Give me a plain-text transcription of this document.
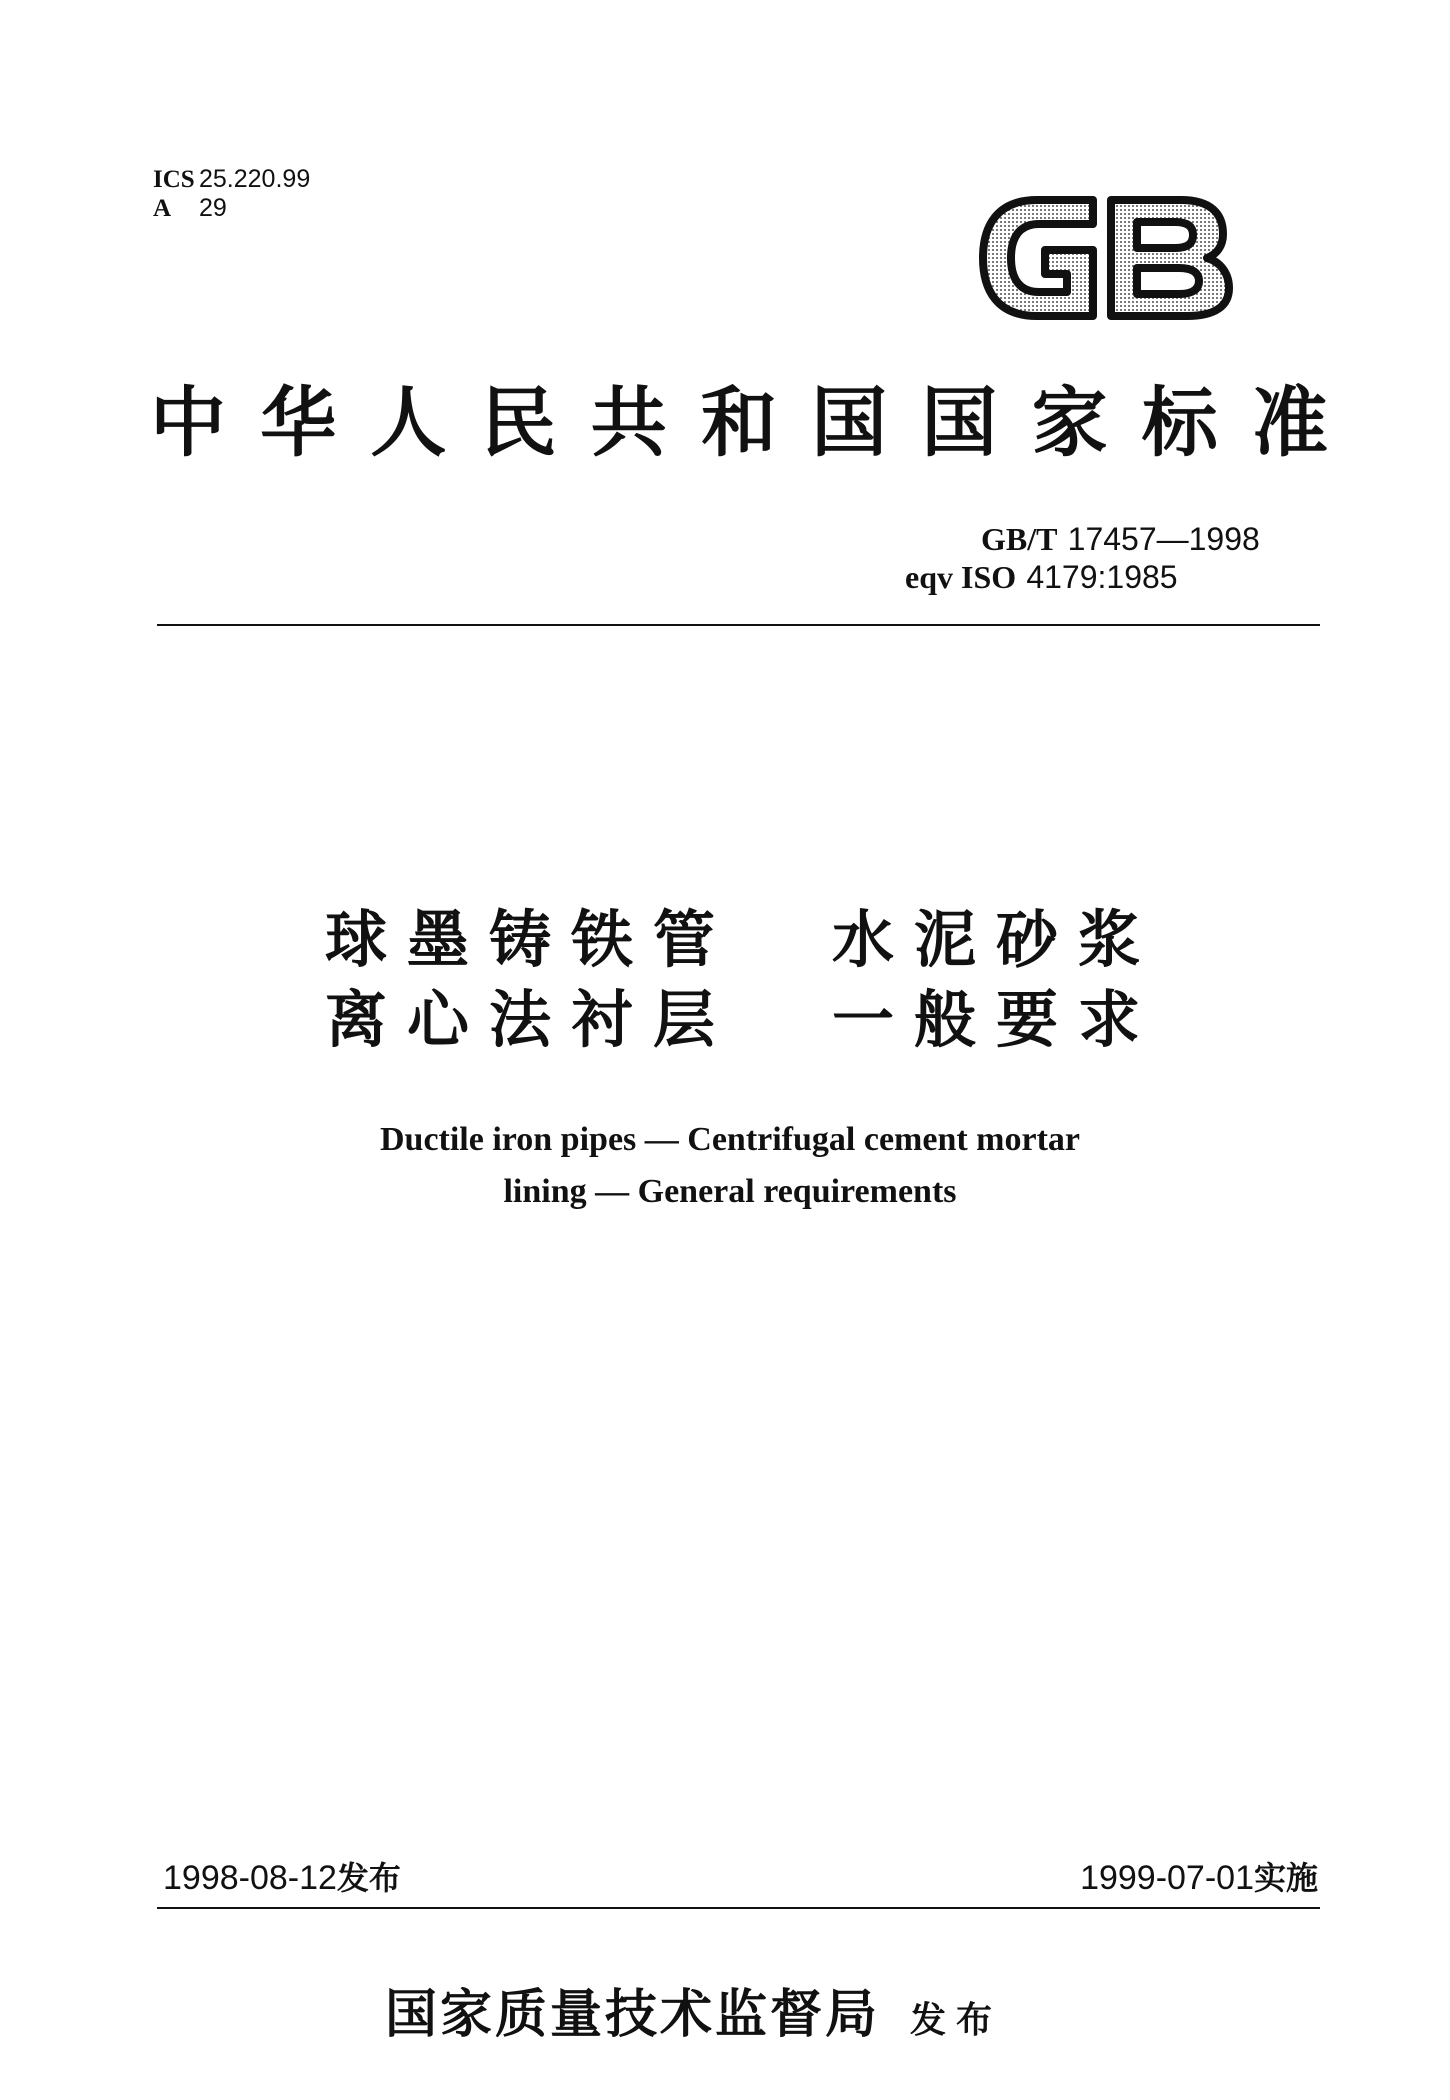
ICS 25.220.99
A 29
中华人民共和国国家标准
GB/T 17457—1998
eqv ISO 4179:1985
球墨铸铁管 水泥砂浆
离心法衬层 一般要求
Ductile iron pipes — Centrifugal cement mortar
lining — General requirements
1998-08-12发布	1999-07-01实施
国家质量技术监督局 发布
